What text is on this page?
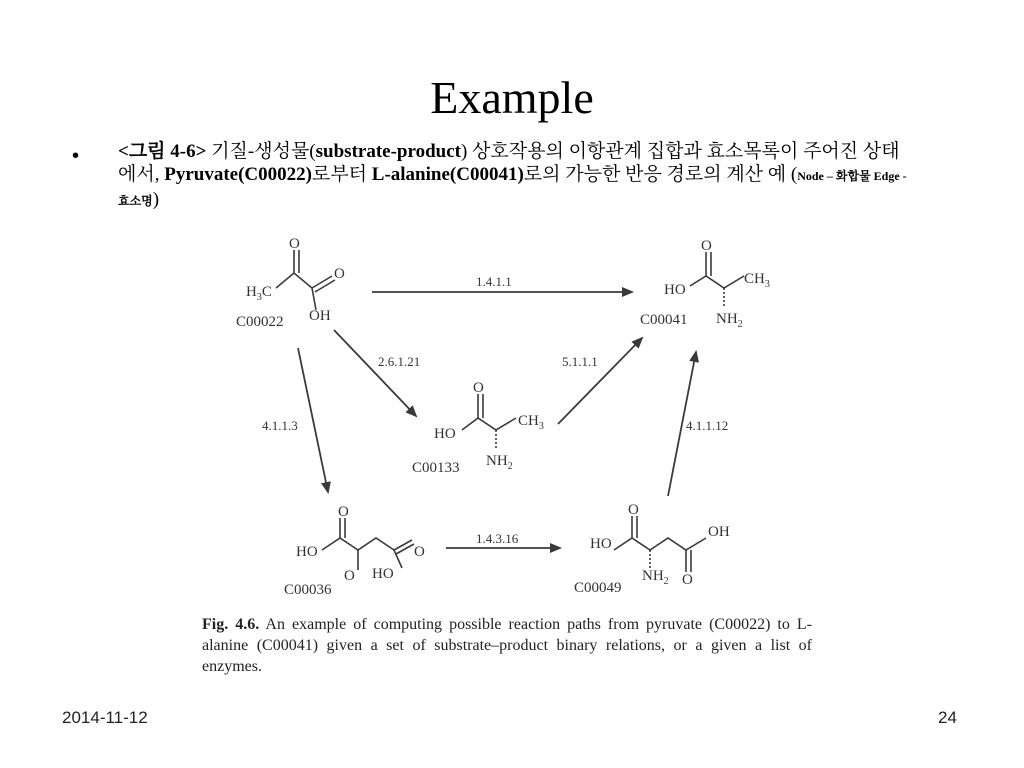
Example
• <그림 4-6> 기질-생성물(substrate-product) 상호작용의 이항관계 집합과 효소목록이 주어진 상태에서, Pyruvate(C00022)로부터 L-alanine(C00041)로의 가능한 반응 경로의 계산 예 (Node – 화합물 Edge - 효소명)
O
O
OH
$H_3C$
C00022
O
HO
$CH_3$
$NH_2$
C00041
O
HO
$CH_3$
$NH_2$
C00133
O
HO	O
O HO
C00036
O
HO
OH
$NH_2$ O
C00049
1.4.1.1
2.6.1.21	5.1.1.1
4.1.1.3	4.1.1.12
1.4.3.16
Fig. 4.6. An example of computing possible reaction paths from pyruvate (C00022) to L-alanine (C00041) given a set of substrate–product binary relations, or a given a list of enzymes.
2014-11-12	24
